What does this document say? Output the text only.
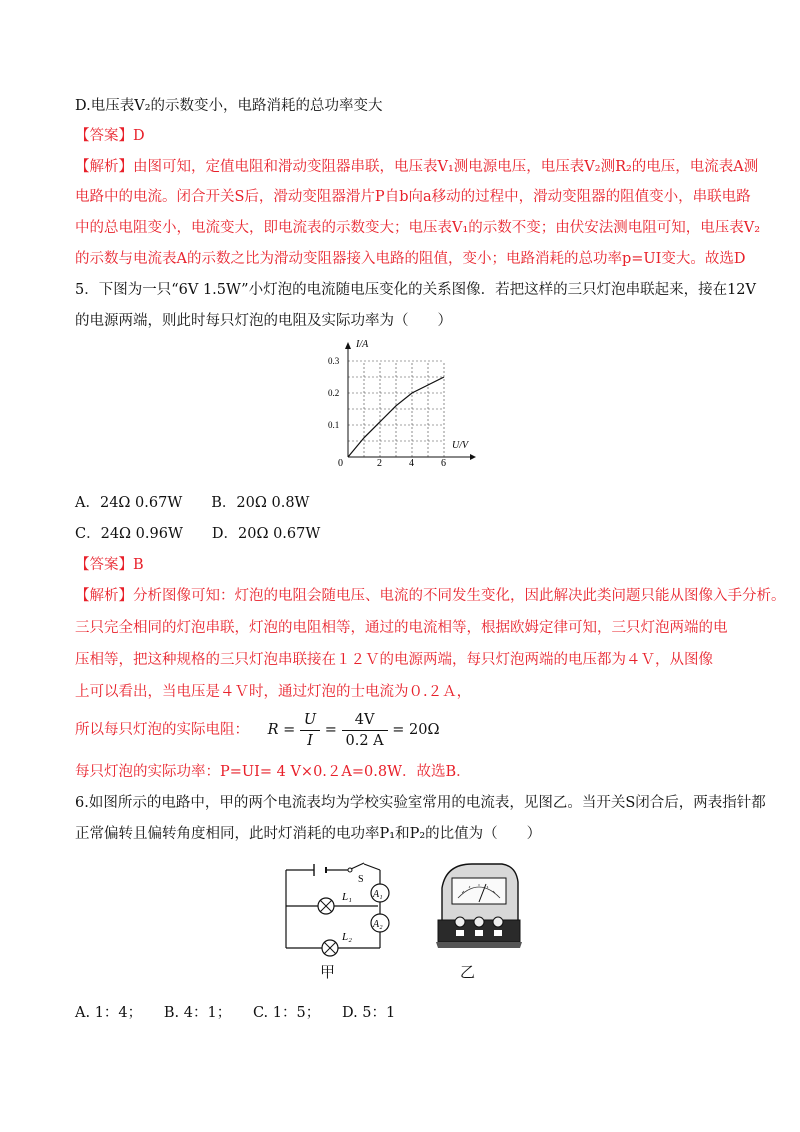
D.电压表V₂的示数变小，电路消耗的总功率变大
【答案】D
【解析】由图可知，定值电阻和滑动变阻器串联，电压表V₁测电源电压，电压表V₂测R₂的电压，电流表A测
电路中的电流。闭合开关S后，滑动变阻器滑片P自b向a移动的过程中，滑动变阻器的阻值变小，串联电路
中的总电阻变小，电流变大，即电流表的示数变大；电压表V₁的示数不变；由伏安法测电阻可知，电压表V₂
的示数与电流表A的示数之比为滑动变阻器接入电路的阻值，变小；电路消耗的总功率p=UI变大。故选D
5．下图为一只“6V 1.5W”小灯泡的电流随电压变化的关系图像．若把这样的三只灯泡串联起来，接在12V
的电源两端，则此时每只灯泡的电阻及实际功率为（　　）
I/A
U/V
0	2	4	6
0.1
0.2
0.3
A．24Ω 0.67W　　B．20Ω 0.8W
C．24Ω 0.96W　　D．20Ω 0.67W
【答案】B
【解析】分析图像可知：灯泡的电阻会随电压、电流的不同发生变化，因此解决此类问题只能从图像入手分析。
三只完全相同的灯泡串联，灯泡的电阻相等，通过的电流相等，根据欧姆定律可知，三只灯泡两端的电
压相等，把这种规格的三只灯泡串联接在１２Ｖ的电源两端，每只灯泡两端的电压都为４Ｖ，从图像
上可以看出，当电压是４Ｖ时，通过灯泡的士电流为０.２Ａ，
所以每只灯泡的实际电阻： $R = \frac{U}{I} = \frac{4V}{0.2 A} = 20\Omega$
每只灯泡的实际功率：P=UI= 4 V×0.２A=0.8W．故选B．
6.如图所示的电路中，甲的两个电流表均为学校实验室常用的电流表，见图乙。当开关S闭合后，两表指针都
正常偏转且偏转角度相同，此时灯消耗的电功率P₁和P₂的比值为（　　）
S
A₁
A₂
L₁
L₂
甲	乙
A. 1：4；　　B. 4：1；　　C. 1：5；　　D. 5：1
